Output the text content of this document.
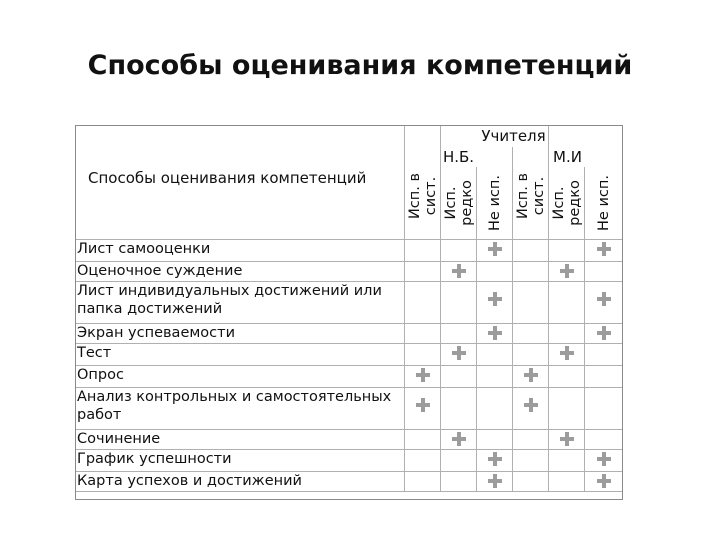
Способы оценивания компетенций
Способы оценивания компетенций
Учителя
Н.Б.	М.И
Исп. в сист. Исп. редко Не исп. Исп. в сист. Исп. редко Не исп.
Лист самооценки
Оценочное суждение
Лист индивидуальных достижений или папка достижений
Экран успеваемости
Тест
Опрос
Анализ контрольных и самостоятельных работ
Сочинение
График успешности
Карта успехов и достижений
